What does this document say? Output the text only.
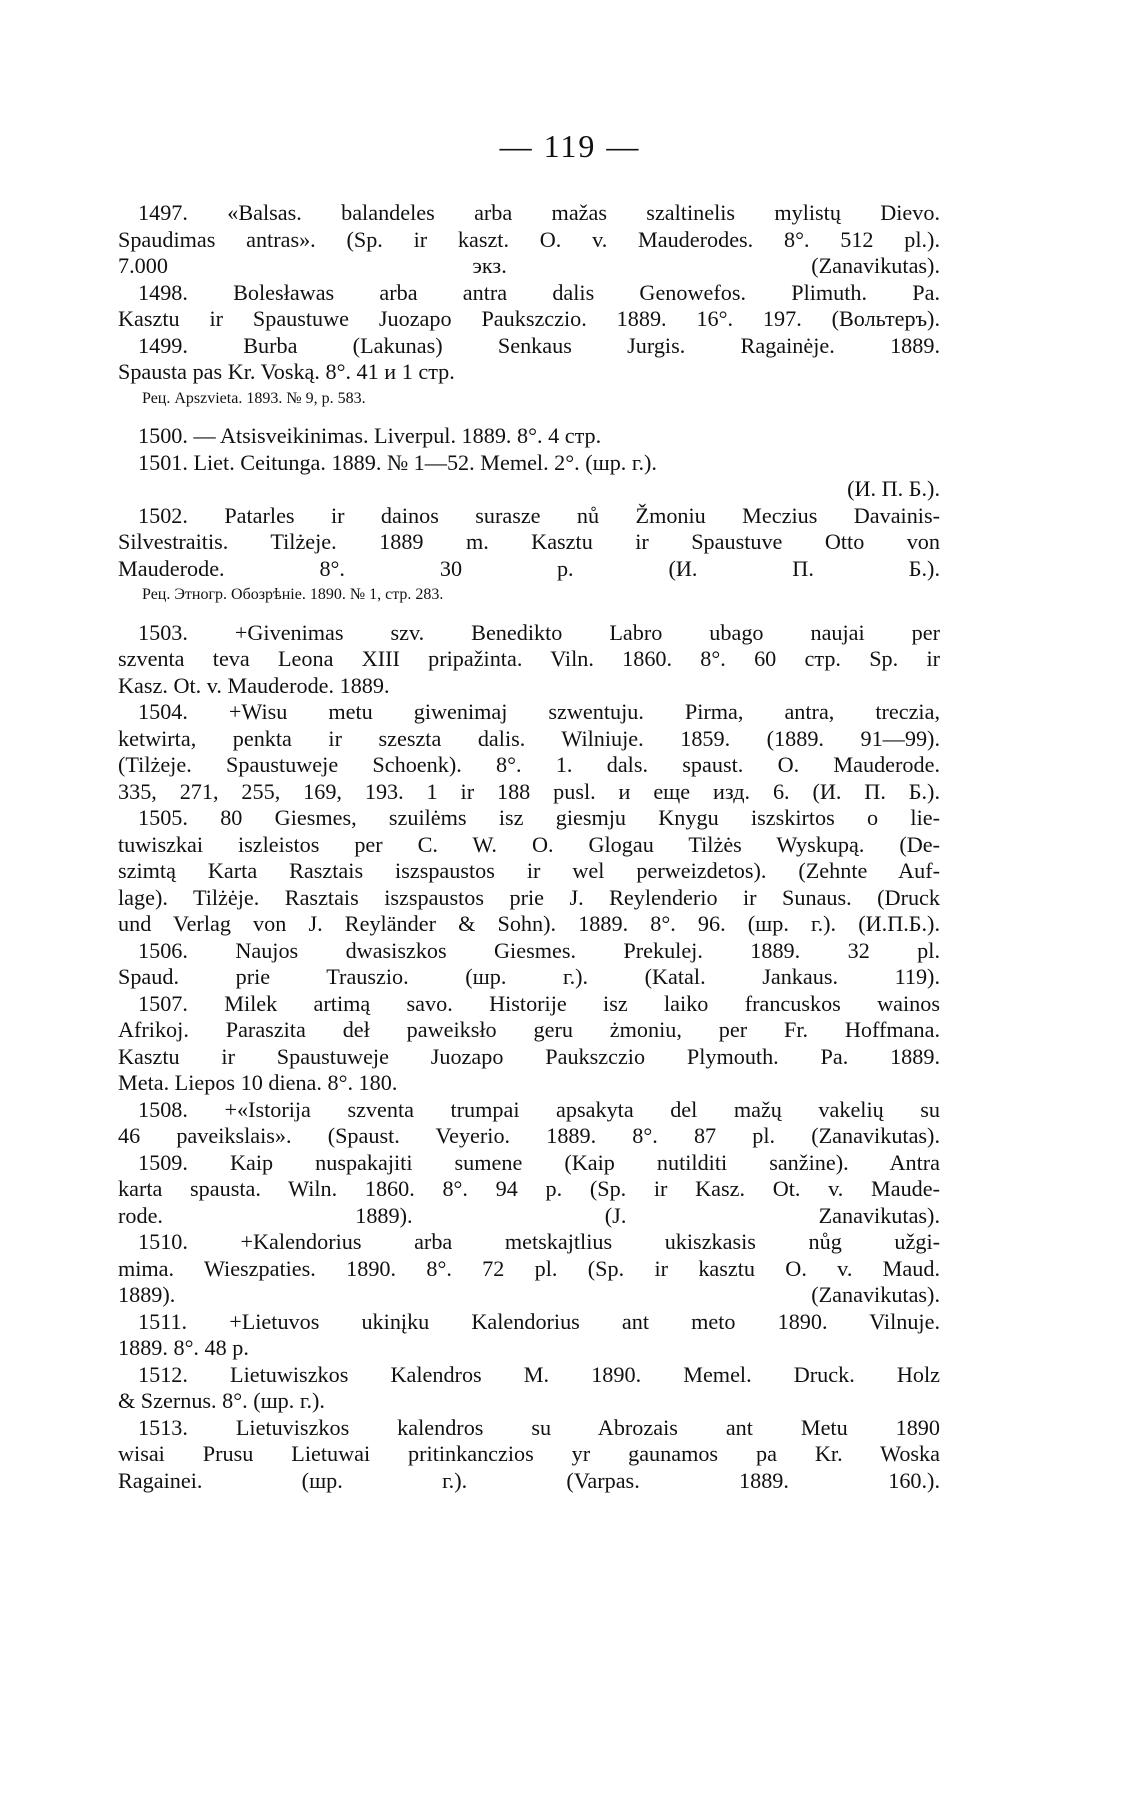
— 119 —
1497. «Balsas. balandeles arba mažas szaltinelis mylistų Dievo.
Spaudimas antras». (Sp. ir kaszt. O. v. Mauderodes. 8°. 512 pl.).
7.000 экз. (Zanavikutas).
1498. Bolesławas arba antra dalis Genowefos. Plimuth. Pa.
Kasztu ir Spaustuwe Juozapo Paukszczio. 1889. 16°. 197. (Вольтеръ).
1499. Burba (Lakunas) Senkaus Jurgis. Ragainėje. 1889.
Spausta pas Kr. Voską. 8°. 41 и 1 стр.
Рец. Apszvieta. 1893. № 9, p. 583.
1500. — Atsisveikinimas. Liverpul. 1889. 8°. 4 стр.
1501. Liet. Ceitunga. 1889. № 1—52. Memel. 2°. (шр. г.).
(И. П. Б.).
1502. Patarles ir dainos surasze nů Žmoniu Meczius Davainis-
Silvestraitis. Tilżeje. 1889 m. Kasztu ir Spaustuve Otto von
Mauderode. 8°. 30 p. (И. П. Б.).
Рец. Этногр. Обозрѣніе. 1890. № 1, стр. 283.
1503. +Givenimas szv. Benedikto Labro ubago naujai per
szventa teva Leona XIII pripažinta. Viln. 1860. 8°. 60 стр. Sp. ir
Kasz. Ot. v. Mauderode. 1889.
1504. +Wisu metu giwenimaj szwentuju. Pirma, antra, treczia,
ketwirta, penkta ir szeszta dalis. Wilniuje. 1859. (1889. 91—99).
(Tilżeje. Spaustuweje Schoenk). 8°. 1. dals. spaust. O. Mauderode.
335, 271, 255, 169, 193. 1 ir 188 pusl. и еще изд. 6. (И. П. Б.).
1505. 80 Giesmes, szuilėms isz giesmju Knygu iszskirtos o lie-
tuwiszkai iszleistos per C. W. O. Glogau Tilżės Wyskupą. (De-
szimtą Karta Rasztais iszspaustos ir wel perweizdetos). (Zehnte Auf-
lage). Tilżėje. Rasztais iszspaustos prie J. Reylenderio ir Sunaus. (Druck
und Verlag von J. Reyländer & Sohn). 1889. 8°. 96. (шр. г.). (И.П.Б.).
1506. Naujos dwasiszkos Giesmes. Prekulej. 1889. 32 pl.
Spaud. prie Trauszio. (шр. г.). (Katal. Jankaus. 119).
1507. Milek artimą savo. Historije isz laiko francuskos wainos
Afrikoj. Paraszita deł paweiksło geru żmoniu, per Fr. Hoffmana.
Kasztu ir Spaustuweje Juozapo Paukszczio Plymouth. Pa. 1889.
Meta. Liepos 10 diena. 8°. 180.
1508. +«Istorija szventa trumpai apsakyta del mažų vakelių su
46 paveikslais». (Spaust. Veyerio. 1889. 8°. 87 pl. (Zanavikutas).
1509. Kaip nuspakajiti sumene (Kaip nutilditi sanžine). Antra
karta spausta. Wiln. 1860. 8°. 94 p. (Sp. ir Kasz. Ot. v. Maude-
rode. 1889). (J. Zanavikutas).
1510. +Kalendorius arba metskajtlius ukiszkasis nůg užgi-
mima. Wieszpaties. 1890. 8°. 72 pl. (Sp. ir kasztu O. v. Maud.
1889). (Zanavikutas).
1511. +Lietuvos ukinįku Kalendorius ant meto 1890. Vilnuje.
1889. 8°. 48 p.
1512. Lietuwiszkos Kalendros M. 1890. Memel. Druck. Holz
& Szernus. 8°. (шр. г.).
1513. Lietuviszkos kalendros su Abrozais ant Metu 1890
wisai Prusu Lietuwai pritinkanczios yr gaunamos pa Kr. Woska
Ragainei. (шр. г.). (Varpas. 1889. 160.).
